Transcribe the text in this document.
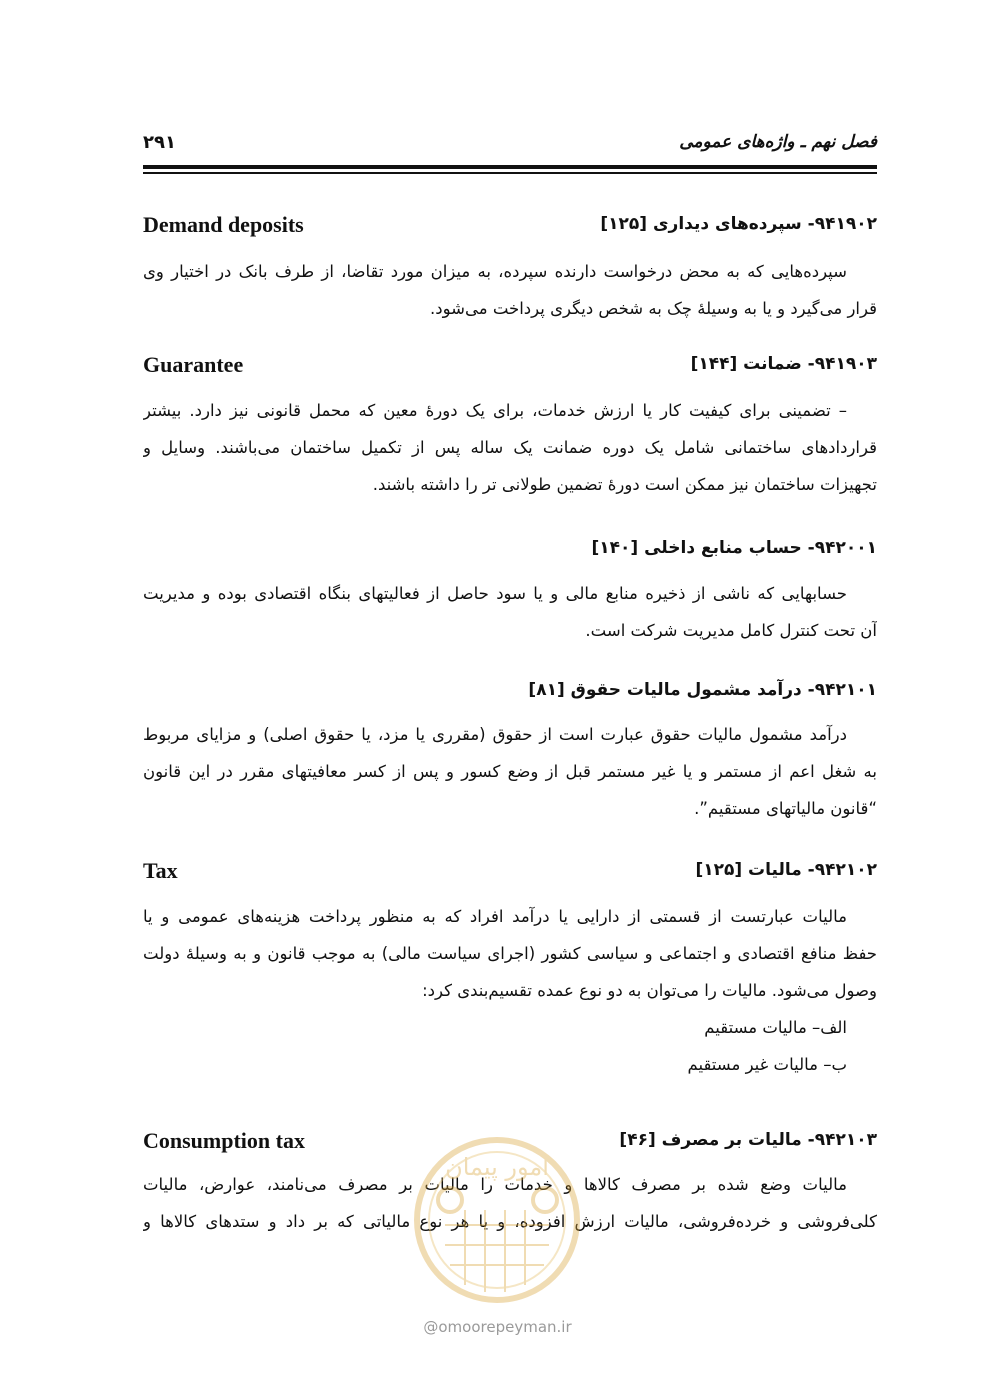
فصل نهم ـ واژه‌های عمومی
۲۹۱
۹۴۱۹۰۲- سپرده‌های دیداری [۱۲۵]
Demand deposits
سپرده‌هایی که به محض درخواست دارنده سپرده، به میزان مورد تقاضا، از طرف بانک در اختیار وی
قرار می‌گیرد و یا به وسیلهٔ چک به شخص دیگری پرداخت می‌شود.
۹۴۱۹۰۳- ضمانت [۱۴۴]
Guarantee
– تضمینی برای کیفیت کار یا ارزش خدمات، برای یک دورهٔ معین که محمل قانونی نیز دارد. بیشتر
قراردادهای ساختمانی شامل یک دوره ضمانت یک ساله پس از تکمیل ساختمان می‌باشند. وسایل و
تجهیزات ساختمان نیز ممکن است دورهٔ تضمین طولانی تر را داشته باشند.
۹۴۲۰۰۱- حساب منابع داخلی [۱۴۰]
حسابهایی که ناشی از ذخیره منابع مالی و یا سود حاصل از فعالیتهای بنگاه اقتصادی بوده و مدیریت
آن تحت کنترل کامل مدیریت شرکت است.
۹۴۲۱۰۱- درآمد مشمول مالیات حقوق [۸۱]
درآمد مشمول مالیات حقوق عبارت است از حقوق (مقرری یا مزد، یا حقوق اصلی) و مزایای مربوط
به شغل اعم از مستمر و یا غیر مستمر قبل از وضع کسور و پس از کسر معافیتهای مقرر در این قانون
“قانون مالیاتهای مستقیم”.
۹۴۲۱۰۲- مالیات [۱۲۵]
Tax
مالیات عبارتست از قسمتی از دارایی یا درآمد افراد که به منظور پرداخت هزینه‌های عمومی و یا
حفظ منافع اقتصادی و اجتماعی و سیاسی کشور (اجرای سیاست مالی) به موجب قانون و به وسیلهٔ دولت
وصول می‌شود. مالیات را می‌توان به دو نوع عمده تقسیم‌بندی کرد:
الف– مالیات مستقیم
ب– مالیات غیر مستقیم
۹۴۲۱۰۳- مالیات بر مصرف [۴۶]
Consumption tax
مالیات وضع شده بر مصرف کالاها و خدمات را مالیات بر مصرف می‌نامند، عوارض، مالیات
کلی‌فروشی و خرده‌فروشی، مالیات ارزش افزوده، و یا هر نوع مالیاتی که بر داد و ستدهای کالاها و
امور پیمان
@omoorepeyman.ir
